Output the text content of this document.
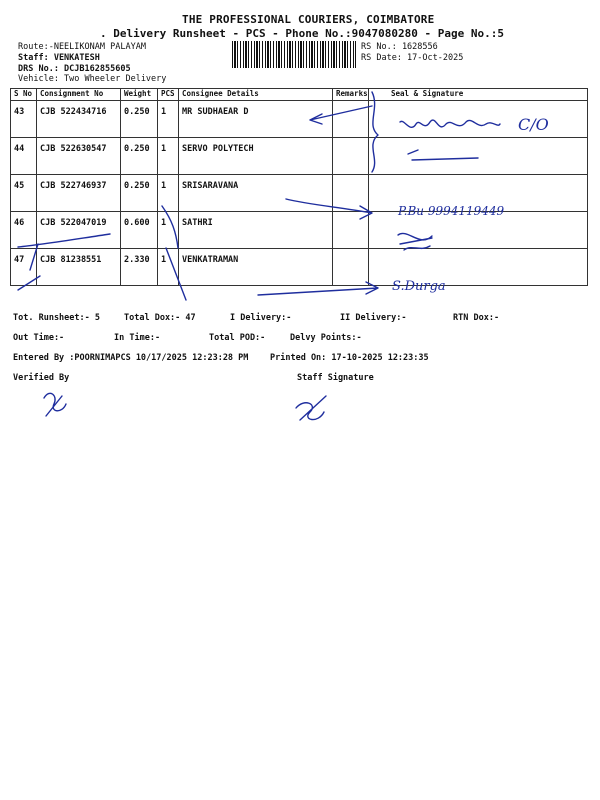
THE PROFESSIONAL COURIERS, COIMBATORE
. Delivery Runsheet - PCS - Phone No.:9047080280 - Page No.:5
Route:-NEELIKONAM PALAYAM
Staff: VENKATESH
DRS No.: DCJB162855605
Vehicle: Two Wheeler Delivery
RS No.: 1628556
RS Date: 17-Oct-2025
S No	Consignment No	Weight	PCS	Consignee Details	Remarks	Seal & Signature
43	CJB 522434716	0.250	1	MR SUDHAEAR D		
44	CJB 522630547	0.250	1	SERVO POLYTECH		
45	CJB 522746937	0.250	1	SRISARAVANA		
46	CJB 522047019	0.600	1	SATHRI		
47	CJB 81238551	2.330	1	VENKATRAMAN		
Tot. Runsheet:- 5	Total Dox:- 47	I Delivery:-	II Delivery:-	RTN Dox:-
Out Time:-	In Time:-	Total POD:-	Delvy Points:-
Entered By :POORNIMAPCS 10/17/2025 12:23:28 PM	Printed On: 17-10-2025 12:23:35
Verified By	Staff Signature
C/O
P.Bu 9994119449
S.Durga
